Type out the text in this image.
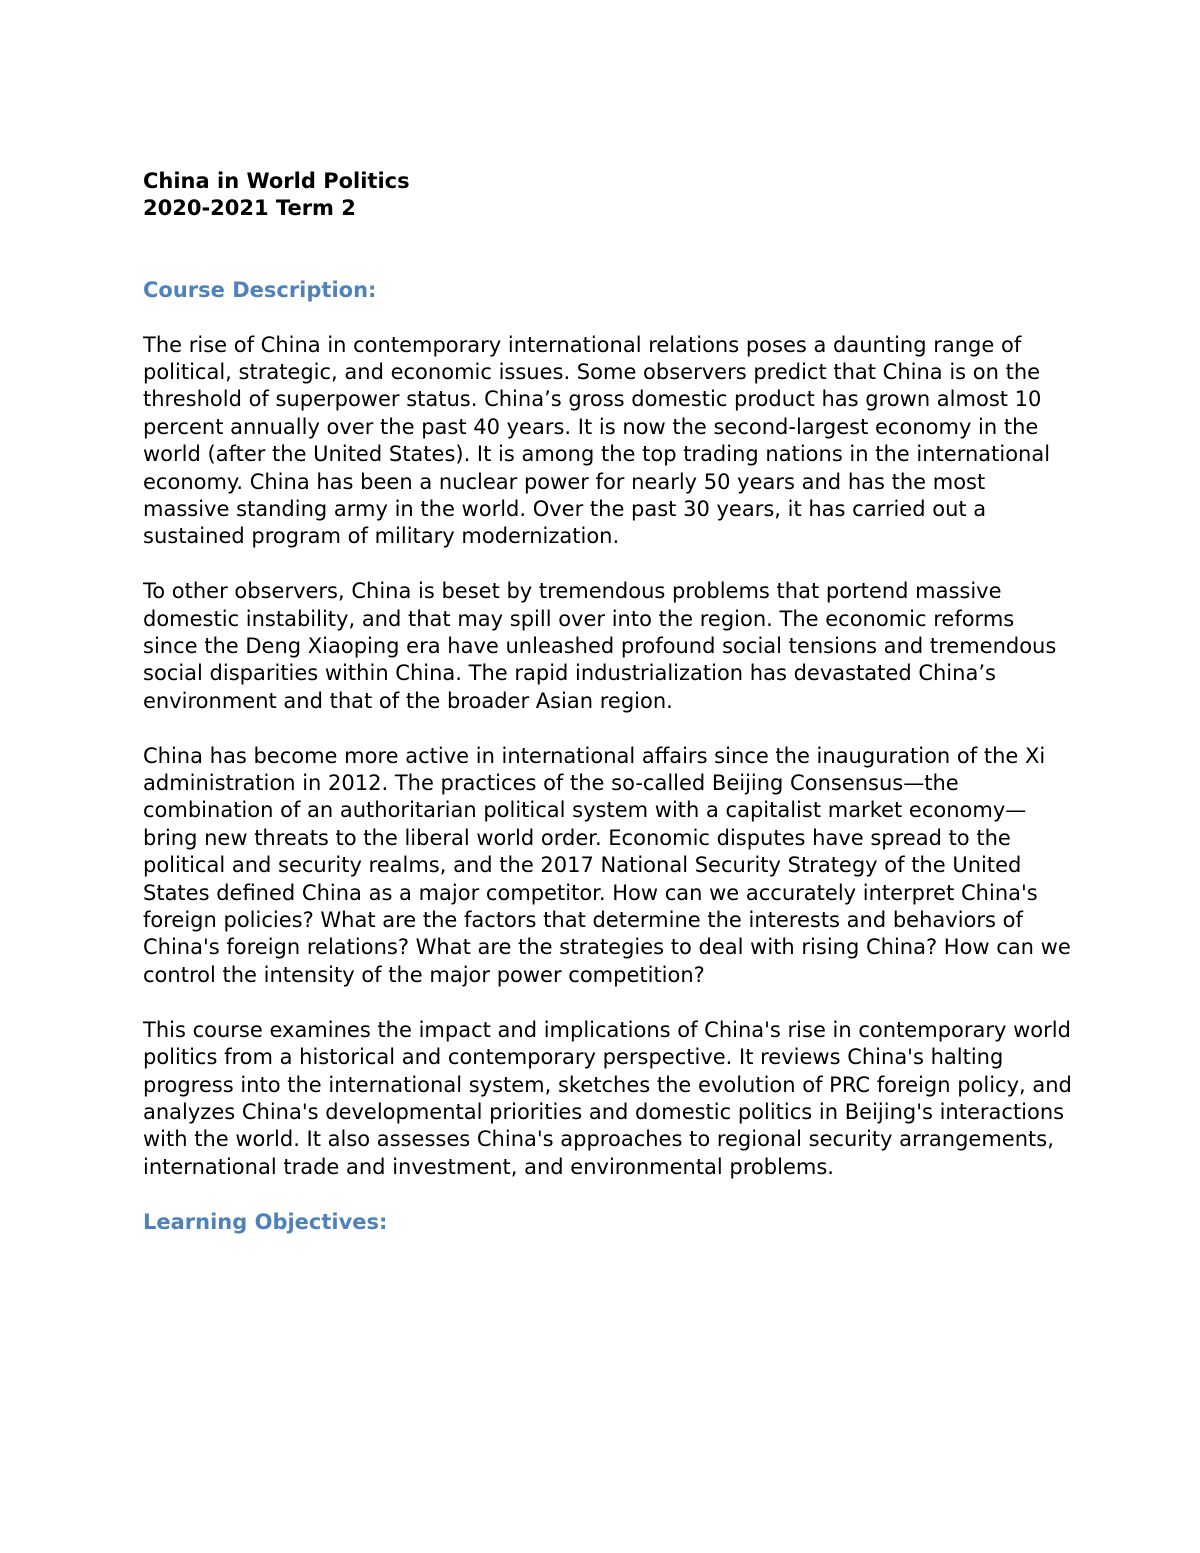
China in World Politics

2020-2021 Term 2

Course Description:

The rise of China in contemporary international relations poses a daunting range of political, strategic, and economic issues. Some observers predict that China is on the threshold of superpower status. China’s gross domestic product has grown almost 10 percent annually over the past 40 years. It is now the second-largest economy in the world (after the United States). It is among the top trading nations in the international economy. China has been a nuclear power for nearly 50 years and has the most massive standing army in the world. Over the past 30 years, it has carried out a sustained program of military modernization.

To other observers, China is beset by tremendous problems that portend massive domestic instability, and that may spill over into the region. The economic reforms since the Deng Xiaoping era have unleashed profound social tensions and tremendous social disparities within China. The rapid industrialization has devastated China’s environment and that of the broader Asian region.

China has become more active in international affairs since the inauguration of the Xi administration in 2012. The practices of the so-called Beijing Consensus—the combination of an authoritarian political system with a capitalist market economy—bring new threats to the liberal world order. Economic disputes have spread to the political and security realms, and the 2017 National Security Strategy of the United States defined China as a major competitor. How can we accurately interpret China's foreign policies? What are the factors that determine the interests and behaviors of China's foreign relations? What are the strategies to deal with rising China? How can we control the intensity of the major power competition?

This course examines the impact and implications of China's rise in contemporary world politics from a historical and contemporary perspective. It reviews China's halting progress into the international system, sketches the evolution of PRC foreign policy, and analyzes China's developmental priorities and domestic politics in Beijing's interactions with the world. It also assesses China's approaches to regional security arrangements, international trade and investment, and environmental problems.

Learning Objectives:
